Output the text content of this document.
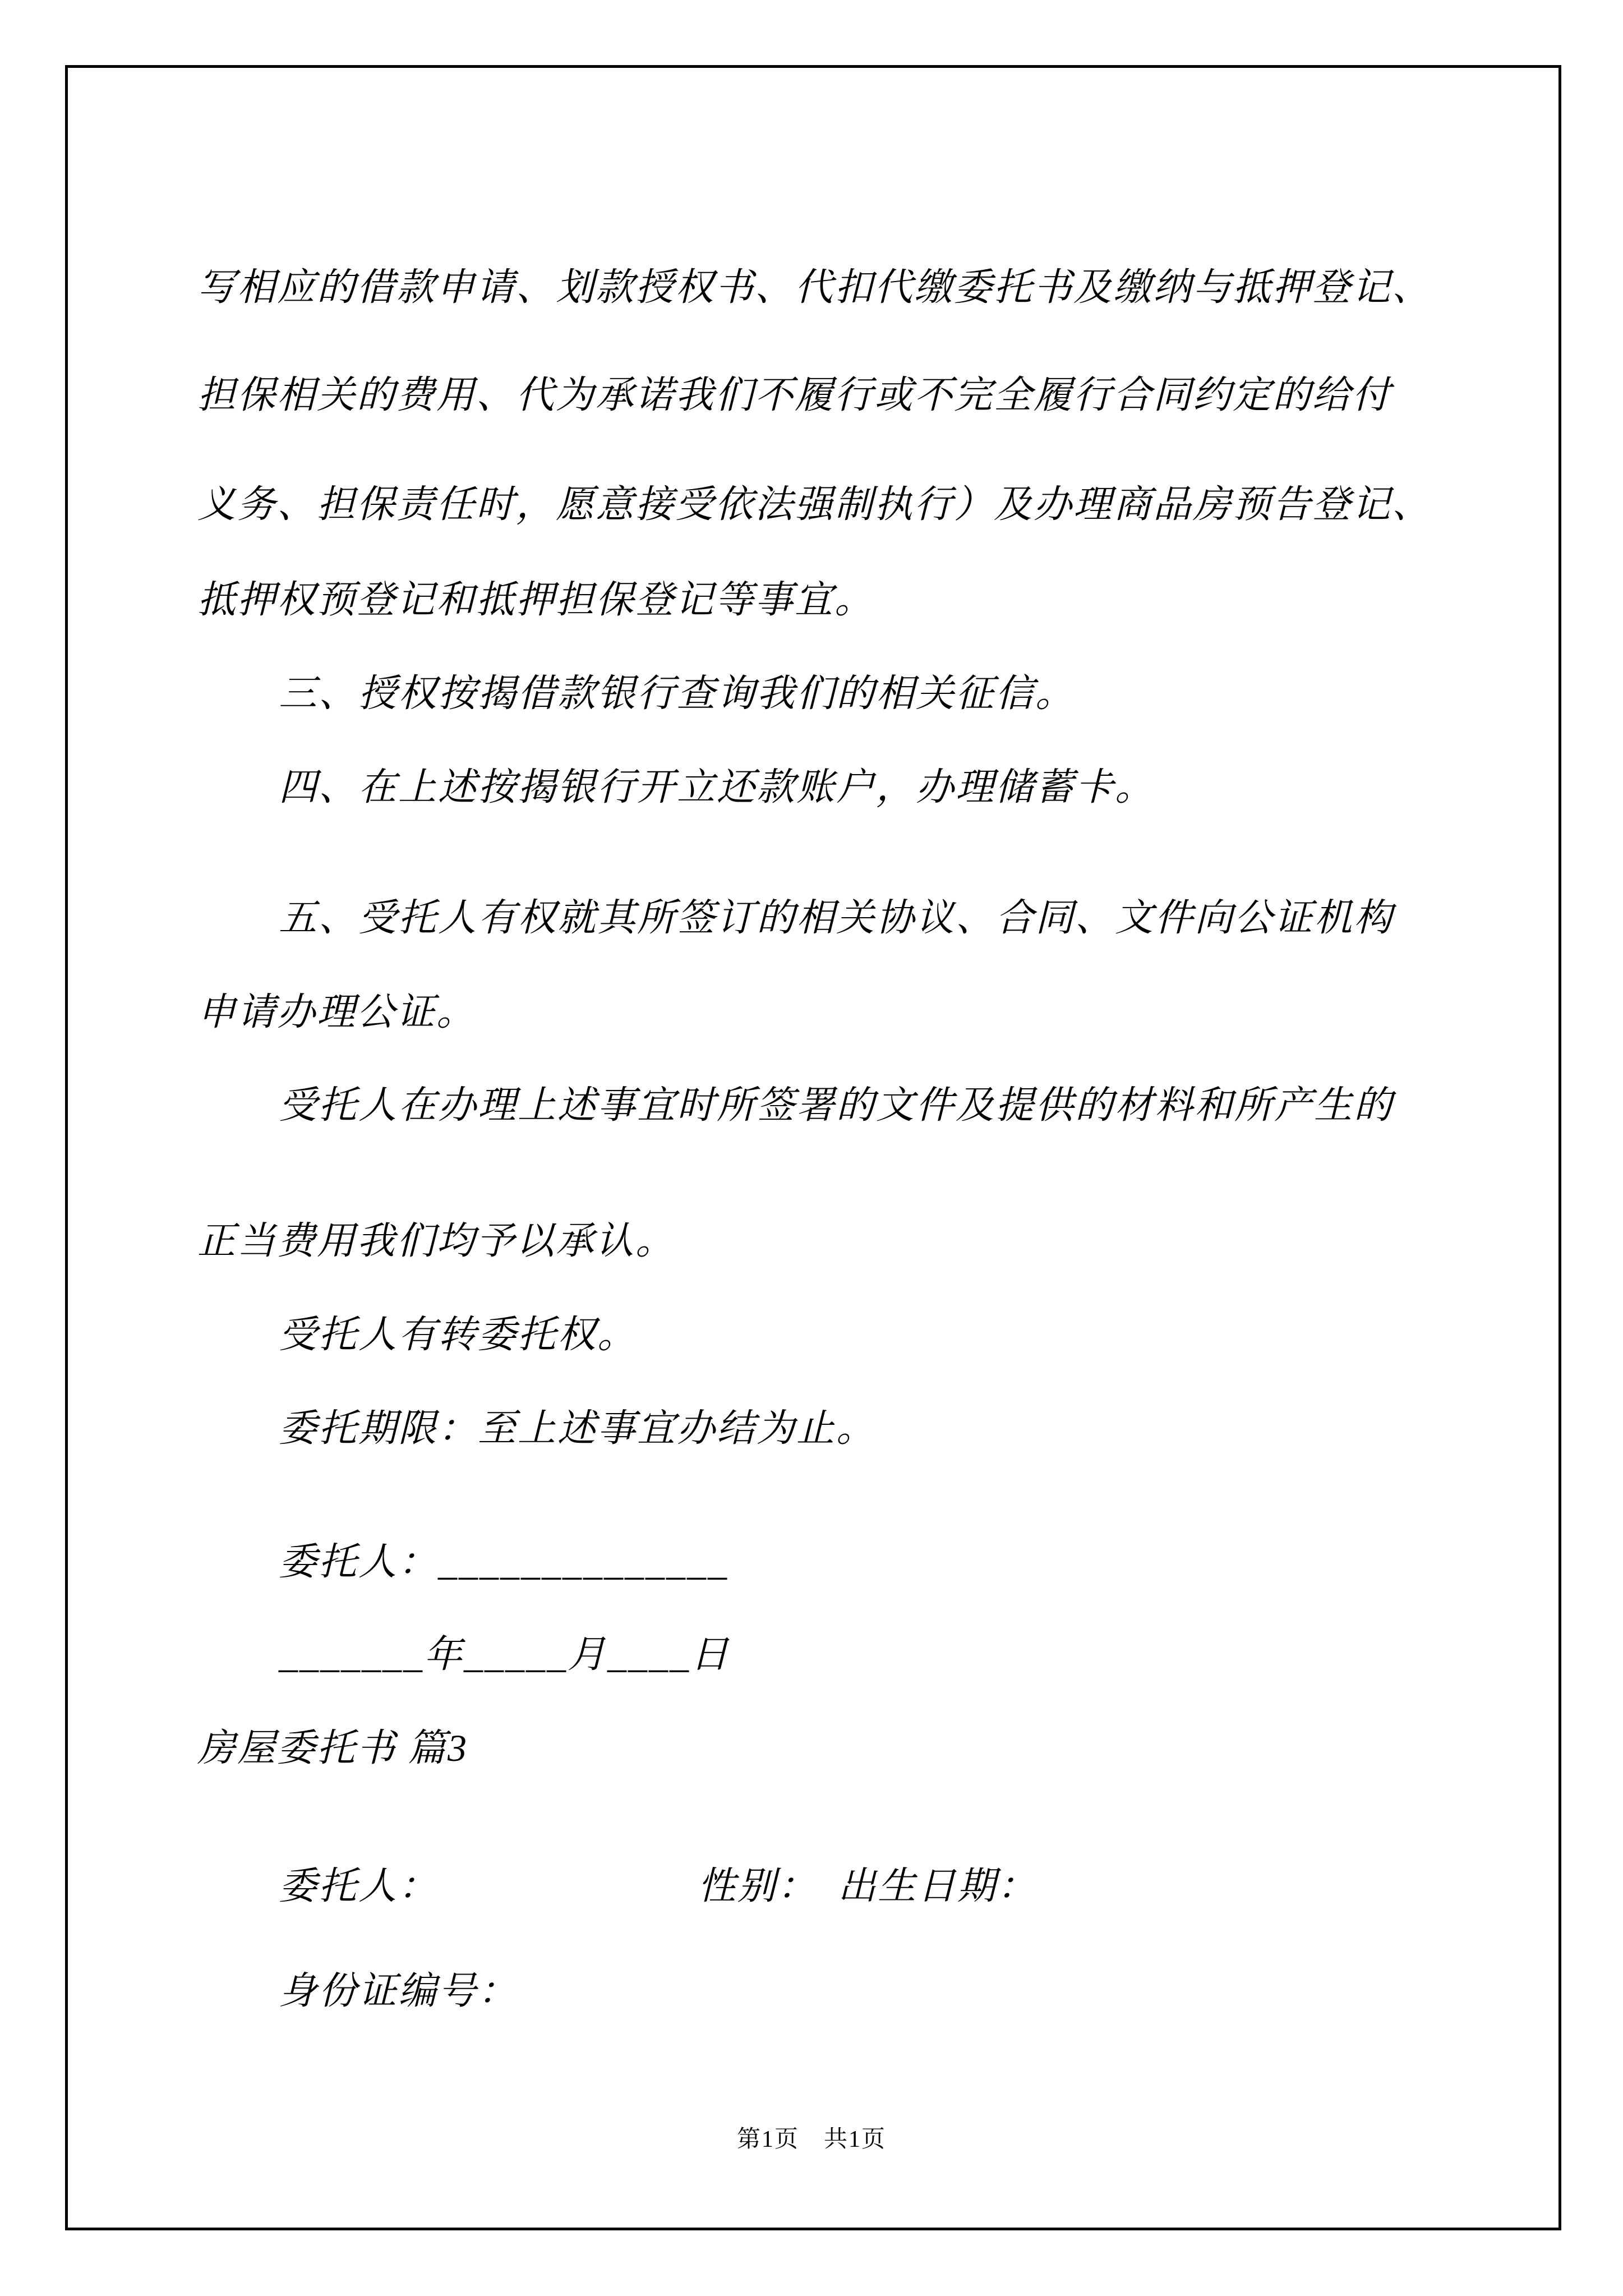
写相应的借款申请、划款授权书、代扣代缴委托书及缴纳与抵押登记、

担保相关的费用、代为承诺我们不履行或不完全履行合同约定的给付

义务、担保责任时，愿意接受依法强制执行）及办理商品房预告登记、

抵押权预登记和抵押担保登记等事宜。

三、授权按揭借款银行查询我们的相关征信。

四、在上述按揭银行开立还款账户，办理储蓄卡。

五、受托人有权就其所签订的相关协议、合同、文件向公证机构

申请办理公证。

受托人在办理上述事宜时所签署的文件及提供的材料和所产生的

正当费用我们均予以承认。

受托人有转委托权。

委托期限：至上述事宜办结为止。

委托人：______________

_______年_____月____日

房屋委托书 篇3

委托人：　　　　　　　性别：　出生日期：

身份证编号：

第1页　共1页
